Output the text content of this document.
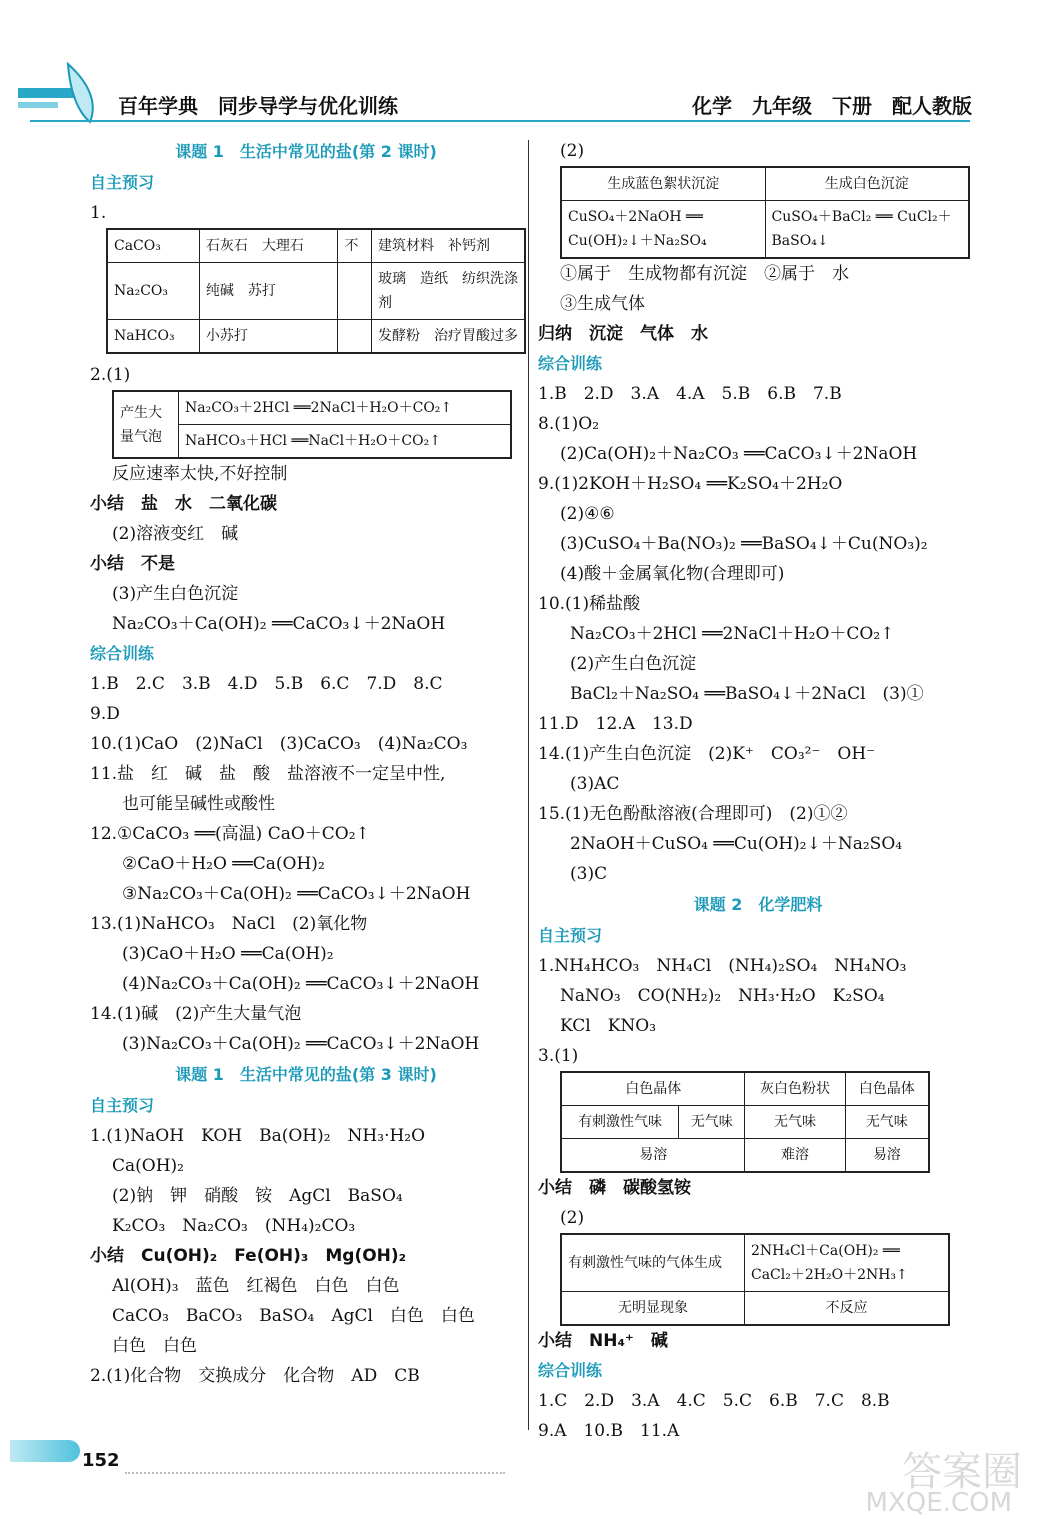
百年学典　同步导学与优化训练	化学　九年级　下册　配人教版
课题 1　生活中常见的盐(第 2 课时)
自主预习
1.
CaCO₃	石灰石　大理石	不	建筑材料　补钙剂
Na₂CO₃	纯碱　苏打		玻璃　造纸　纺织洗涤剂
NaHCO₃	小苏打		发酵粉　治疗胃酸过多
2.(1)
产生大量气泡	Na₂CO₃＋2HCl ══2NaCl＋H₂O＋CO₂↑
NaHCO₃＋HCl ══NaCl＋H₂O＋CO₂↑
反应速率太快,不好控制
小结　盐　水　二氧化碳
(2)溶液变红　碱
小结　不是
(3)产生白色沉淀
Na₂CO₃＋Ca(OH)₂ ══CaCO₃↓＋2NaOH
综合训练
1.B　2.C　3.B　4.D　5.B　6.C　7.D　8.C
9.D
10.(1)CaO　(2)NaCl　(3)CaCO₃　(4)Na₂CO₃
11.盐　红　碱　盐　酸　盐溶液不一定呈中性,
也可能呈碱性或酸性
12.①CaCO₃ ══(高温) CaO＋CO₂↑
②CaO＋H₂O ══Ca(OH)₂
③Na₂CO₃＋Ca(OH)₂ ══CaCO₃↓＋2NaOH
13.(1)NaHCO₃　NaCl　(2)氧化物
(3)CaO＋H₂O ══Ca(OH)₂
(4)Na₂CO₃＋Ca(OH)₂ ══CaCO₃↓＋2NaOH
14.(1)碱　(2)产生大量气泡
(3)Na₂CO₃＋Ca(OH)₂ ══CaCO₃↓＋2NaOH
课题 1　生活中常见的盐(第 3 课时)
自主预习
1.(1)NaOH　KOH　Ba(OH)₂　NH₃·H₂O
Ca(OH)₂
(2)钠　钾　硝酸　铵　AgCl　BaSO₄
K₂CO₃　Na₂CO₃　(NH₄)₂CO₃
小结　Cu(OH)₂　Fe(OH)₃　Mg(OH)₂
Al(OH)₃　蓝色　红褐色　白色　白色
CaCO₃　BaCO₃　BaSO₄　AgCl　白色　白色
白色　白色
2.(1)化合物　交换成分　化合物　AD　CB
(2)
生成蓝色絮状沉淀	生成白色沉淀
CuSO₄＋2NaOH ══ Cu(OH)₂↓＋Na₂SO₄	CuSO₄＋BaCl₂ ══ CuCl₂＋BaSO₄↓
①属于　生成物都有沉淀　②属于　水
③生成气体
归纳　沉淀　气体　水
综合训练
1.B　2.D　3.A　4.A　5.B　6.B　7.B
8.(1)O₂
(2)Ca(OH)₂＋Na₂CO₃ ══CaCO₃↓＋2NaOH
9.(1)2KOH＋H₂SO₄ ══K₂SO₄＋2H₂O
(2)④⑥
(3)CuSO₄＋Ba(NO₃)₂ ══BaSO₄↓＋Cu(NO₃)₂
(4)酸＋金属氧化物(合理即可)
10.(1)稀盐酸
Na₂CO₃＋2HCl ══2NaCl＋H₂O＋CO₂↑
(2)产生白色沉淀
BaCl₂＋Na₂SO₄ ══BaSO₄↓＋2NaCl　(3)①
11.D　12.A　13.D
14.(1)产生白色沉淀　(2)K⁺　CO₃²⁻　OH⁻
(3)AC
15.(1)无色酚酞溶液(合理即可)　(2)①②
2NaOH＋CuSO₄ ══Cu(OH)₂↓＋Na₂SO₄
(3)C
课题 2　化学肥料
自主预习
1.NH₄HCO₃　NH₄Cl　(NH₄)₂SO₄　NH₄NO₃
NaNO₃　CO(NH₂)₂　NH₃·H₂O　K₂SO₄
KCl　KNO₃
3.(1)
白色晶体		灰白色粉状	白色晶体
有刺激性气味	无气味	无气味	无气味
易溶		难溶	易溶
小结　磷　碳酸氢铵
(2)
有刺激性气味的气体生成	2NH₄Cl＋Ca(OH)₂ ══ CaCl₂＋2H₂O＋2NH₃↑
无明显现象	不反应
小结　NH₄⁺　碱
综合训练
1.C　2.D　3.A　4.C　5.C　6.B　7.C　8.B
9.A　10.B　11.A
152	答案圈
MXQE.COM
